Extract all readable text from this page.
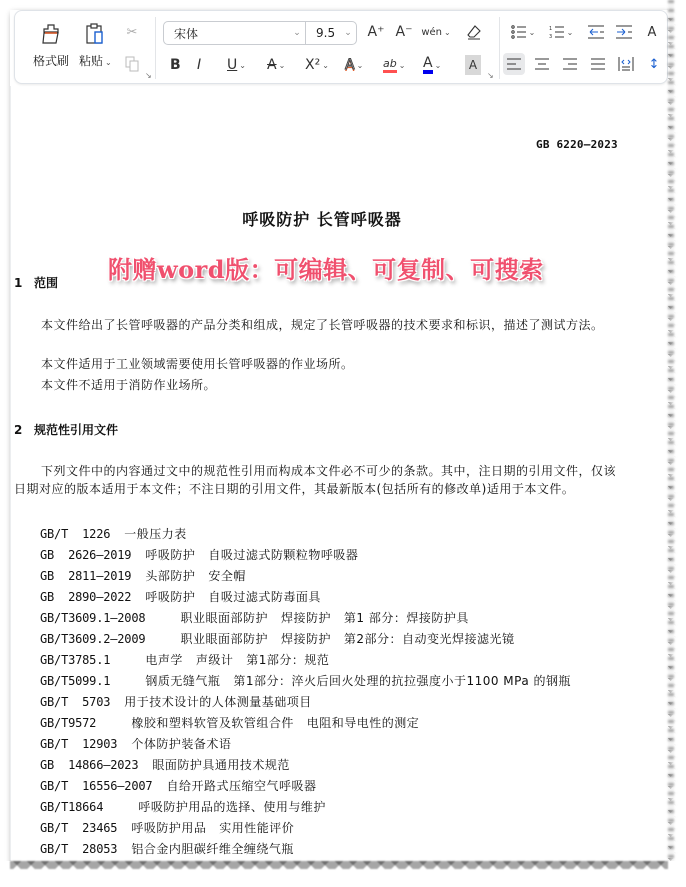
格式刷 粘贴 ⌄
✂
↘
宋体	⌄	9.5	⌄	A⁺ A⁻ wén ⌄
B I U ⌄ A ⌄ X² ⌄ A ⌄ ab ⌄ A ⌄	A
↘
⌄	1
3
⌄	A
↕
GB 6220—2023
呼吸防护 长管呼吸器
1 范围
本文件给出了长管呼吸器的产品分类和组成，规定了长管呼吸器的技术要求和标识，描述了测试方法。
本文件适用于工业领域需要使用长管呼吸器的作业场所。
本文件不适用于消防作业场所。
2 规范性引用文件
下列文件中的内容通过文中的规范性引用而构成本文件必不可少的条款。其中，注日期的引用文件，仅该日期对应的版本适用于本文件；不注日期的引用文件，其最新版本(包括所有的修改单)适用于本文件。
GB/T  1226  一般压力表
GB  2626—2019  呼吸防护   自吸过滤式防颗粒物呼吸器
GB  2811—2019  头部防护   安全帽
GB  2890—2022  呼吸防护   自吸过滤式防毒面具
GB/T3609.1—2008     职业眼面部防护   焊接防护   第1 部分：焊接防护具
GB/T3609.2—2009     职业眼面部防护   焊接防护   第2部分：自动变光焊接滤光镜
GB/T3785.1     电声学   声级计   第1部分：规范
GB/T5099.1     钢质无缝气瓶   第1部分：淬火后回火处理的抗拉强度小于1100 MPa 的钢瓶
GB/T  5703  用于技术设计的人体测量基础项目
GB/T9572     橡胶和塑料软管及软管组合件   电阻和导电性的测定
GB/T  12903  个体防护装备术语
GB  14866—2023  眼面防护具通用技术规范
GB/T  16556—2007  自给开路式压缩空气呼吸器
GB/T18664     呼吸防护用品的选择、使用与维护
GB/T  23465  呼吸防护用品   实用性能评价
GB/T  28053  铝合金内胆碳纤维全缠绕气瓶
附赠word版：可编辑、可复制、可搜索
